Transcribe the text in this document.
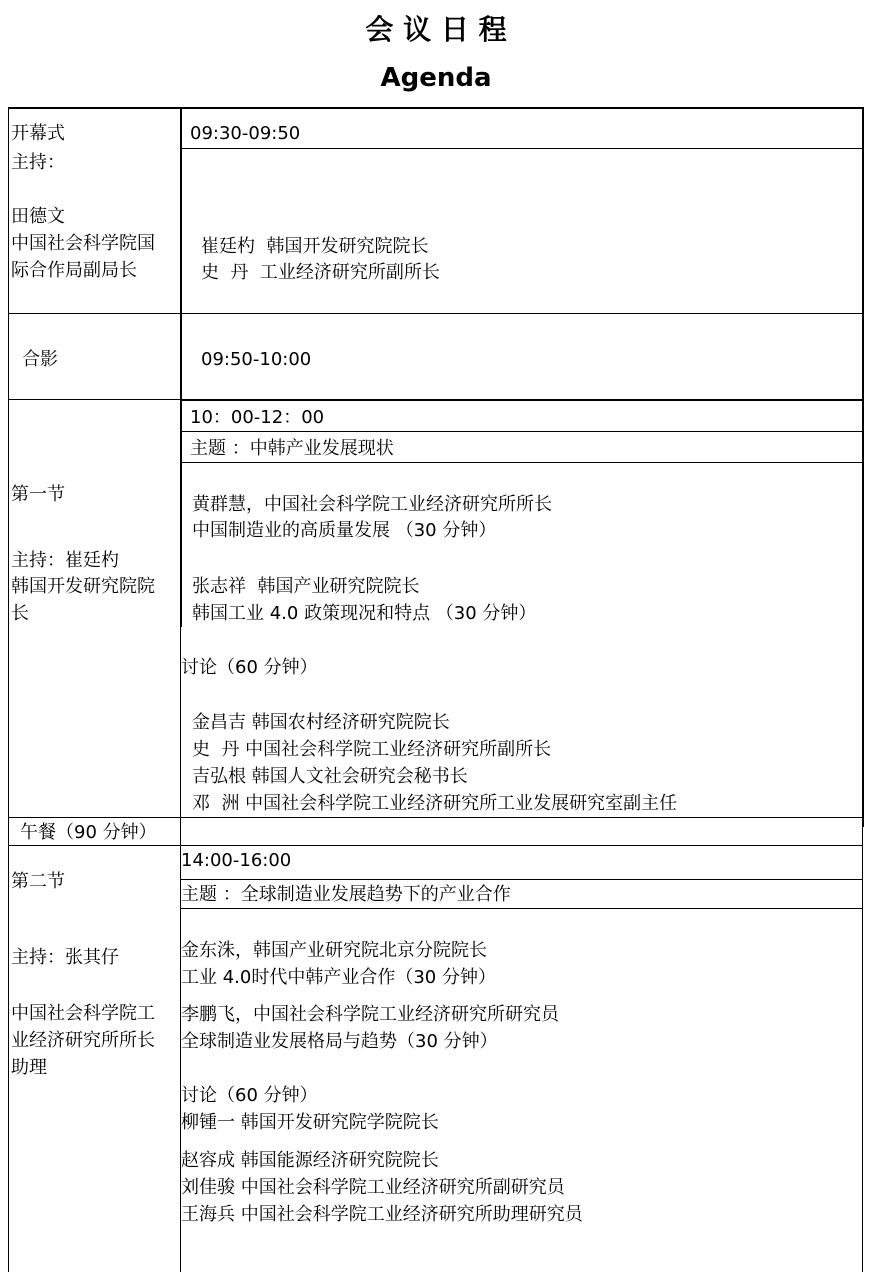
会 议 日 程
Agenda
开幕式	09:30-09:50
主持：
田德文
中国社会科学院国
际合作局副局长
崔廷杓  韩国开发研究院院长
史  丹  工业经济研究所副所长
合影	09:50-10:00
第一节
主持：崔廷杓
韩国开发研究院院
长
10：00-12：00
主题 ：中韩产业发展现状
黄群慧，中国社会科学院工业经济研究所所长
中国制造业的高质量发展 （30 分钟）
张志祥  韩国产业研究院院长
韩国工业 4.0 政策现况和特点 （30 分钟）
讨论（60 分钟）
金昌吉 韩国农村经济研究院院长
史  丹 中国社会科学院工业经济研究所副所长
吉弘根 韩国人文社会研究会秘书长
邓  洲 中国社会科学院工业经济研究所工业发展研究室副主任
午餐（90 分钟）
第二节
主持：张其仔
中国社会科学院工
业经济研究所所长
助理
14:00-16:00
主题 ：全球制造业发展趋势下的产业合作
金东洙，韩国产业研究院北京分院院长
工业 4.0时代中韩产业合作（30 分钟）
李鹏飞，中国社会科学院工业经济研究所研究员
全球制造业发展格局与趋势（30 分钟）
讨论（60 分钟）
柳锺一 韩国开发研究院学院院长
赵容成 韩国能源经济研究院院长
刘佳骏 中国社会科学院工业经济研究所副研究员
王海兵 中国社会科学院工业经济研究所助理研究员
